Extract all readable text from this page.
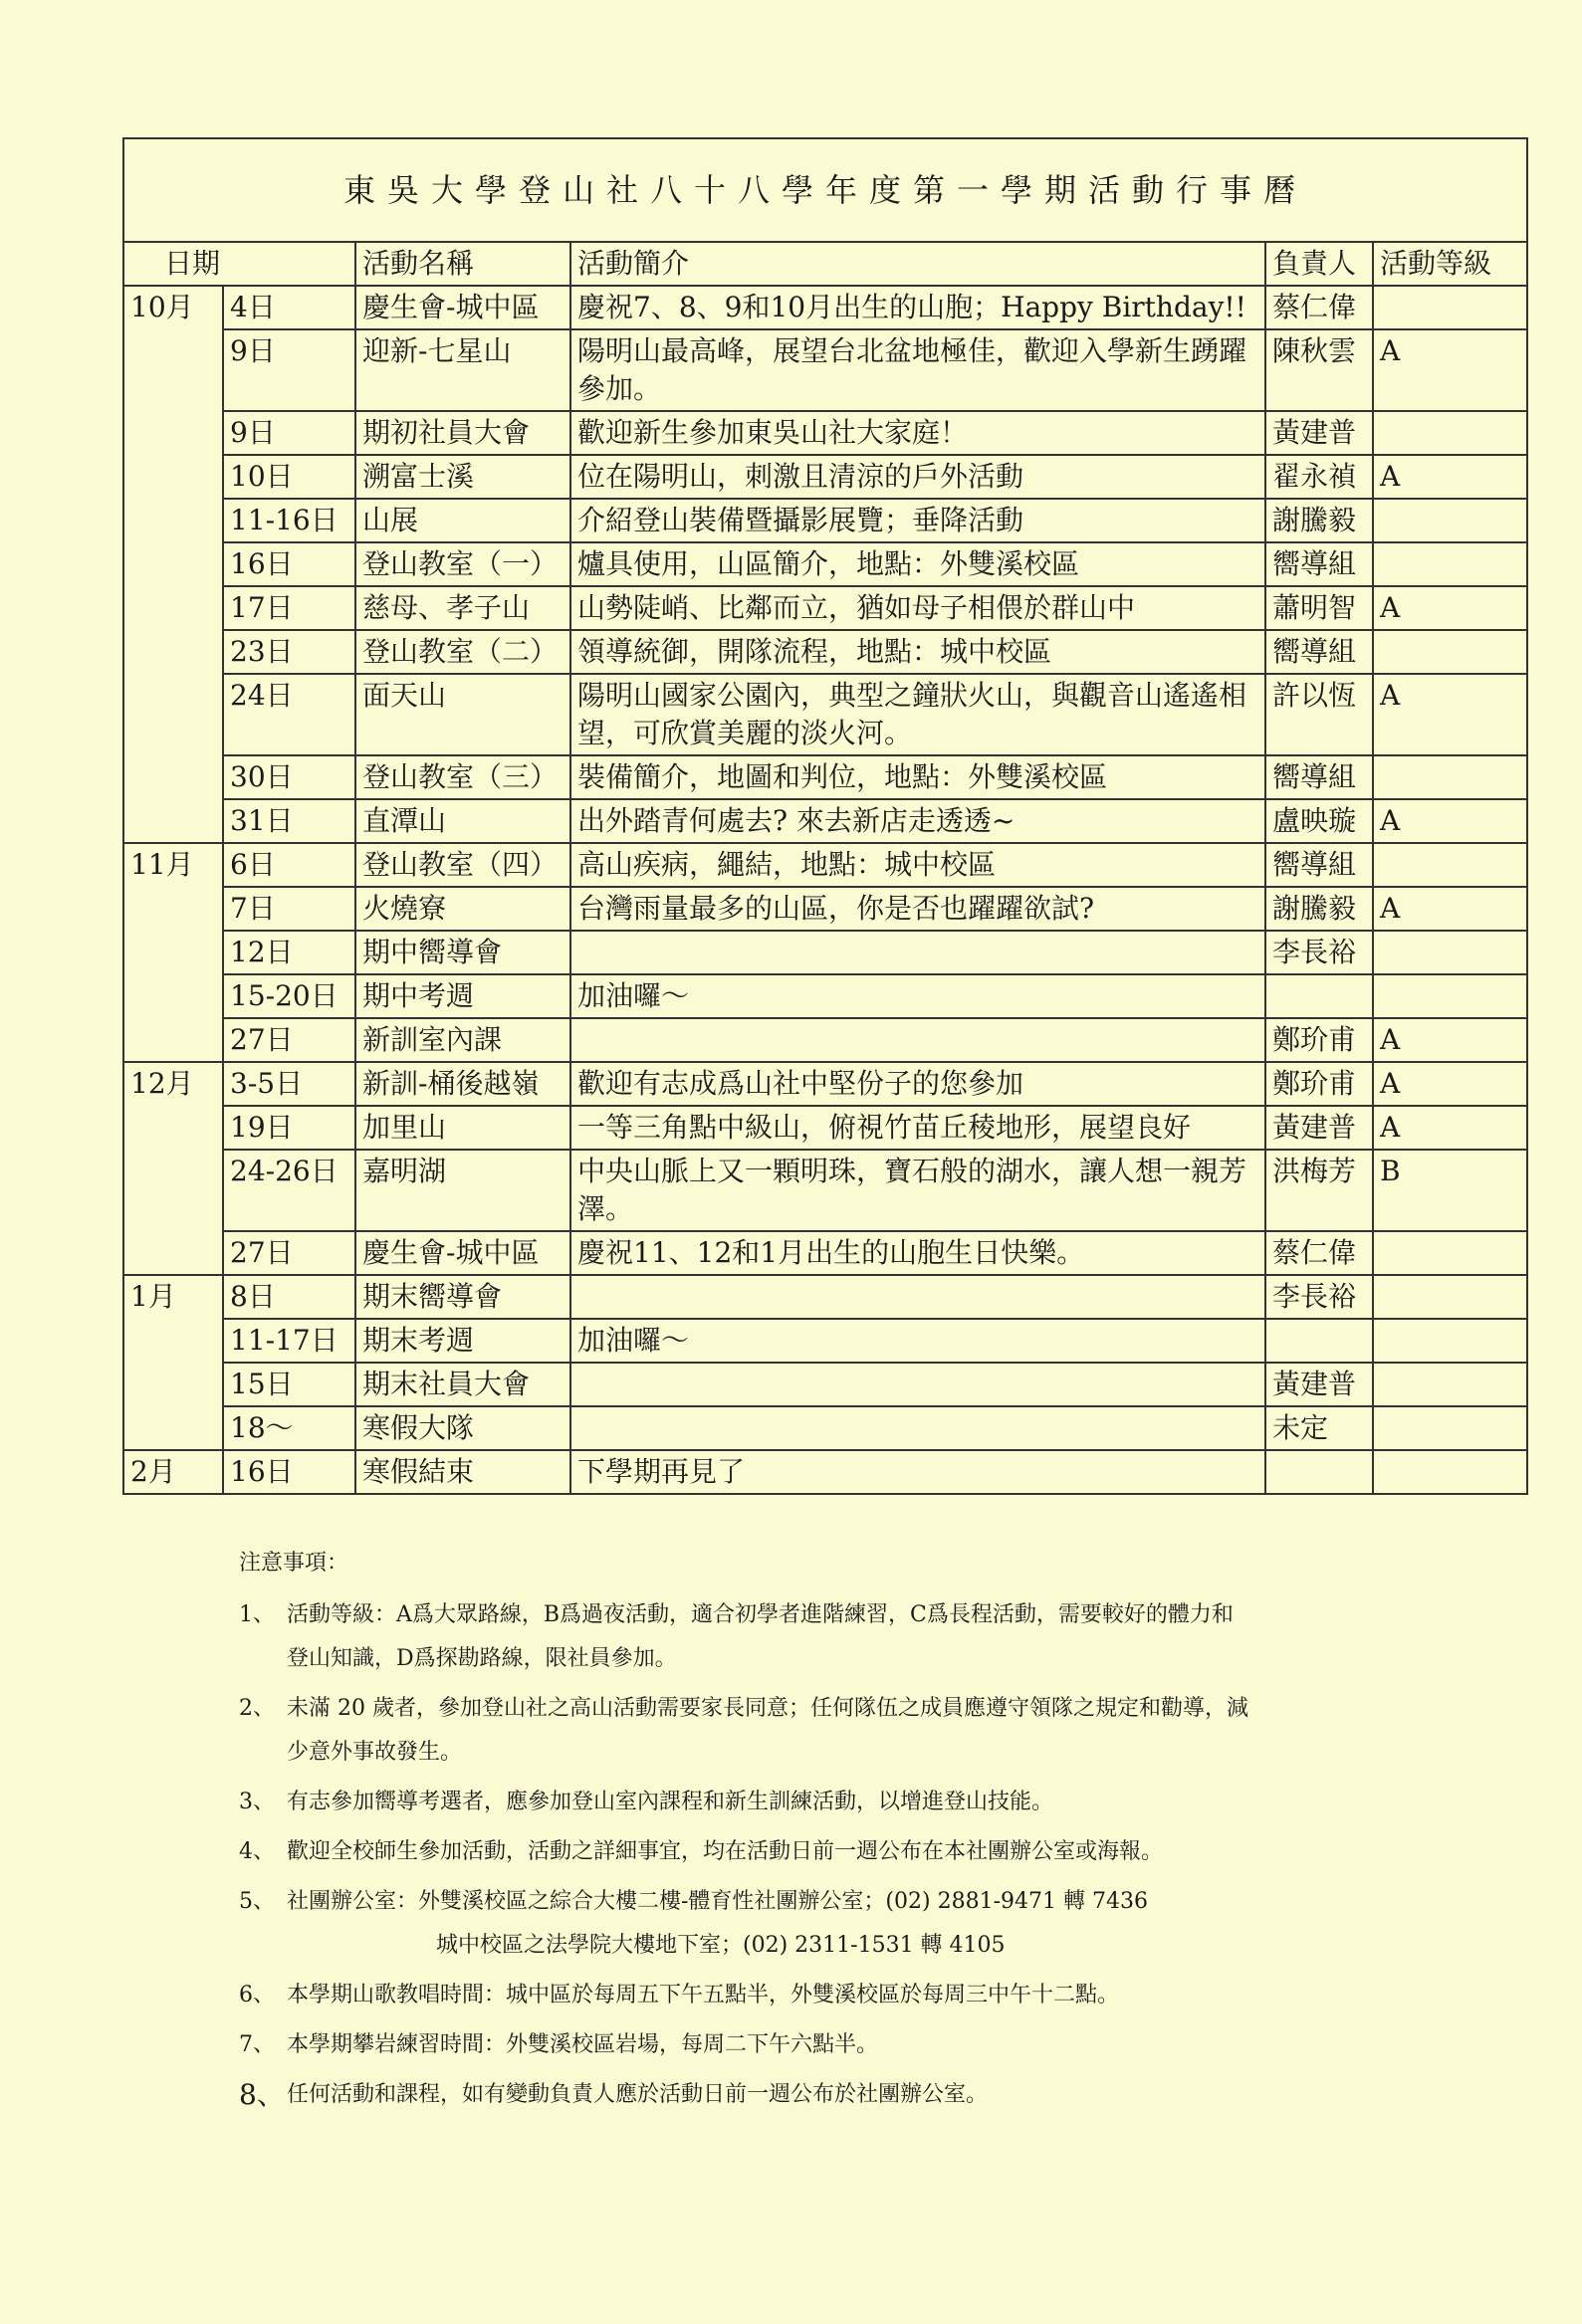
東吳大學登山社八十八學年度第一學期活動行事曆					
日期		活動名稱	活動簡介	負責人	活動等級
10月	4日	慶生會-城中區	慶祝7、8、9和10月出生的山胞；Happy Birthday!!	蔡仁偉	
	9日	迎新-七星山	陽明山最高峰，展望台北盆地極佳，歡迎入學新生踴躍參加。	陳秋雲	A
	9日	期初社員大會	歡迎新生參加東吳山社大家庭！	黃建普	
	10日	溯富士溪	位在陽明山，刺激且清涼的戶外活動	翟永禎	A
	11-16日	山展	介紹登山裝備暨攝影展覽；垂降活動	謝騰毅	
	16日	登山教室（一）	爐具使用，山區簡介，地點：外雙溪校區	嚮導組	
	17日	慈母、孝子山	山勢陡峭、比鄰而立，猶如母子相偎於群山中	蕭明智	A
	23日	登山教室（二）	領導統御，開隊流程，地點：城中校區	嚮導組	
	24日	面天山	陽明山國家公園內，典型之鐘狀火山，與觀音山遙遙相望，可欣賞美麗的淡火河。	許以恆	A
	30日	登山教室（三）	裝備簡介，地圖和判位，地點：外雙溪校區	嚮導組	
	31日	直潭山	出外踏青何處去? 來去新店走透透~	盧映璇	A
11月	6日	登山教室（四）	高山疾病，繩結，地點：城中校區	嚮導組	
	7日	火燒寮	台灣雨量最多的山區，你是否也躍躍欲試?	謝騰毅	A
	12日	期中嚮導會		李長裕	
	15-20日	期中考週	加油囉～		
	27日	新訓室內課		鄭玠甫	A
12月	3-5日	新訓-桶後越嶺	歡迎有志成爲山社中堅份子的您參加	鄭玠甫	A
	19日	加里山	一等三角點中級山，俯視竹苗丘稜地形，展望良好	黃建普	A
	24-26日	嘉明湖	中央山脈上又一顆明珠，寶石般的湖水，讓人想一親芳澤。	洪梅芳	B
	27日	慶生會-城中區	慶祝11、12和1月出生的山胞生日快樂。	蔡仁偉	
1月	8日	期末嚮導會		李長裕	
	11-17日	期末考週	加油囉～		
	15日	期末社員大會		黃建普	
	18～	寒假大隊		未定	
2月	16日	寒假結束	下學期再見了		
注意事項：
1、 活動等級：A爲大眾路線，B爲過夜活動，適合初學者進階練習，C爲長程活動，需要較好的體力和
登山知識，D爲探勘路線，限社員參加。
2、 未滿 20 歲者，參加登山社之高山活動需要家長同意；任何隊伍之成員應遵守領隊之規定和勸導，減
少意外事故發生。
3、 有志參加嚮導考選者，應參加登山室內課程和新生訓練活動，以增進登山技能。
4、 歡迎全校師生參加活動，活動之詳細事宜，均在活動日前一週公布在本社團辦公室或海報。
5、 社團辦公室：外雙溪校區之綜合大樓二樓-體育性社團辦公室；(02) 2881-9471 轉 7436
城中校區之法學院大樓地下室；(02) 2311-1531 轉 4105
6、 本學期山歌教唱時間：城中區於每周五下午五點半，外雙溪校區於每周三中午十二點。
7、 本學期攀岩練習時間：外雙溪校區岩場，每周二下午六點半。
8、 任何活動和課程，如有變動負責人應於活動日前一週公布於社團辦公室。
